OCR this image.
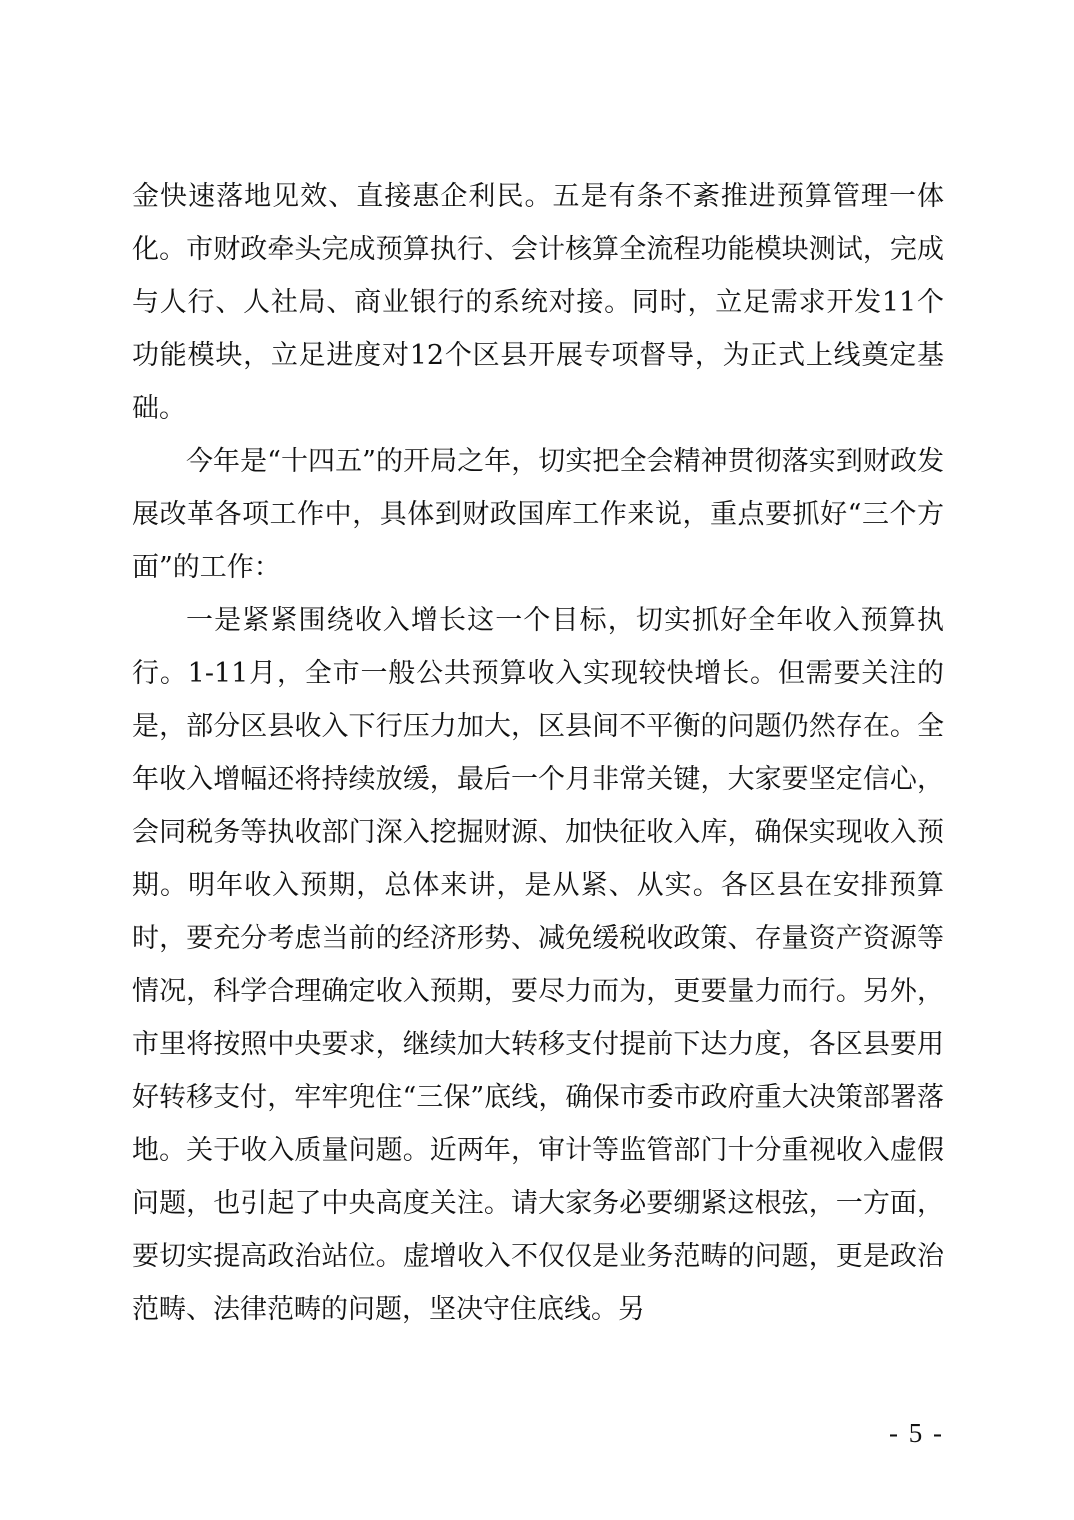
金快速落地见效、直接惠企利民。五是有条不紊推进预算管理一体化。市财政牵头完成预算执行、会计核算全流程功能模块测试，完成与人行、人社局、商业银行的系统对接。同时，立足需求开发11个功能模块，立足进度对12个区县开展专项督导，为正式上线奠定基础。

今年是“十四五”的开局之年，切实把全会精神贯彻落实到财政发展改革各项工作中，具体到财政国库工作来说，重点要抓好“三个方面”的工作：

一是紧紧围绕收入增长这一个目标，切实抓好全年收入预算执行。1-11月，全市一般公共预算收入实现较快增长。但需要关注的是，部分区县收入下行压力加大，区县间不平衡的问题仍然存在。全年收入增幅还将持续放缓，最后一个月非常关键，大家要坚定信心，会同税务等执收部门深入挖掘财源、加快征收入库，确保实现收入预期。明年收入预期，总体来讲，是从紧、从实。各区县在安排预算时，要充分考虑当前的经济形势、减免缓税收政策、存量资产资源等情况，科学合理确定收入预期，要尽力而为，更要量力而行。另外，市里将按照中央要求，继续加大转移支付提前下达力度，各区县要用好转移支付，牢牢兜住“三保”底线，确保市委市政府重大决策部署落地。关于收入质量问题。近两年，审计等监管部门十分重视收入虚假问题，也引起了中央高度关注。请大家务必要绷紧这根弦，一方面，要切实提高政治站位。虚增收入不仅仅是业务范畴的问题，更是政治范畴、法律范畴的问题，坚决守住底线。另

- 5 -
